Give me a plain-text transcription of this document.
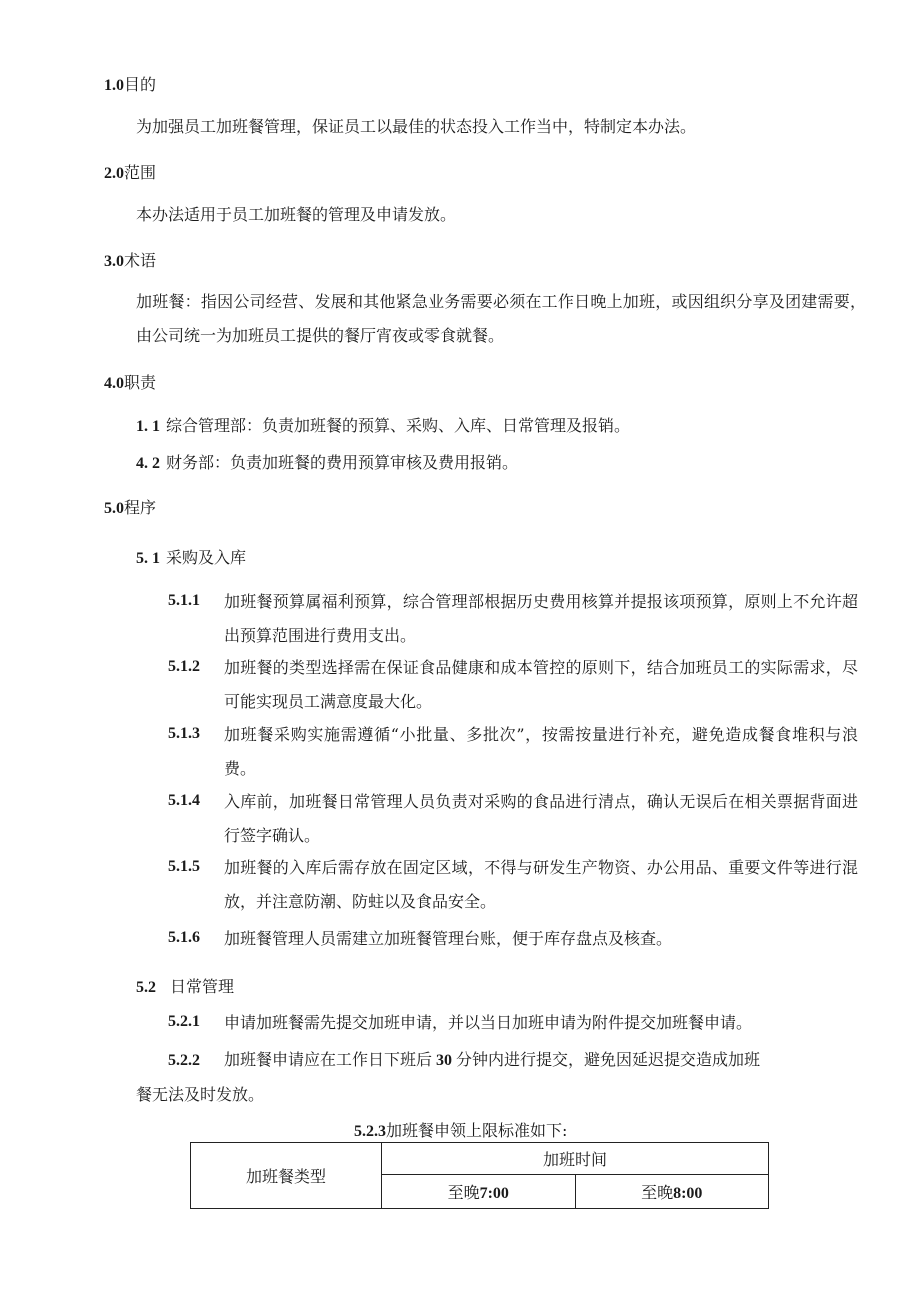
1.0目的
为加强员工加班餐管理，保证员工以最佳的状态投入工作当中，特制定本办法。
2.0范围
本办法适用于员工加班餐的管理及申请发放。
3.0术语
加班餐：指因公司经营、发展和其他紧急业务需要必须在工作日晚上加班，或因组织分享及团建需要，由公司统一为加班员工提供的餐厅宵夜或零食就餐。
4.0职责
1. 1 综合管理部：负责加班餐的预算、采购、入库、日常管理及报销。
4. 2 财务部：负责加班餐的费用预算审核及费用报销。
5.0程序
5. 1 采购及入库
5.1.1 加班餐预算属福利预算，综合管理部根据历史费用核算并提报该项预算，原则上不允许超出预算范围进行费用支出。
5.1.2 加班餐的类型选择需在保证食品健康和成本管控的原则下，结合加班员工的实际需求，尽可能实现员工满意度最大化。
5.1.3 加班餐采购实施需遵循“小批量、多批次”，按需按量进行补充，避免造成餐食堆积与浪费。
5.1.4 入库前，加班餐日常管理人员负责对采购的食品进行清点，确认无误后在相关票据背面进行签字确认。
5.1.5 加班餐的入库后需存放在固定区域，不得与研发生产物资、办公用品、重要文件等进行混放，并注意防潮、防蛀以及食品安全。
5.1.6 加班餐管理人员需建立加班餐管理台账，便于库存盘点及核查。
5.2 日常管理
5.2.1 申请加班餐需先提交加班申请，并以当日加班申请为附件提交加班餐申请。
5.2.2 加班餐申请应在工作日下班后 30 分钟内进行提交，避免因延迟提交造成加班
餐无法及时发放。
5.2.3加班餐申领上限标准如下:
加班餐类型	加班时间	
	至晚7:00	至晚8:00
